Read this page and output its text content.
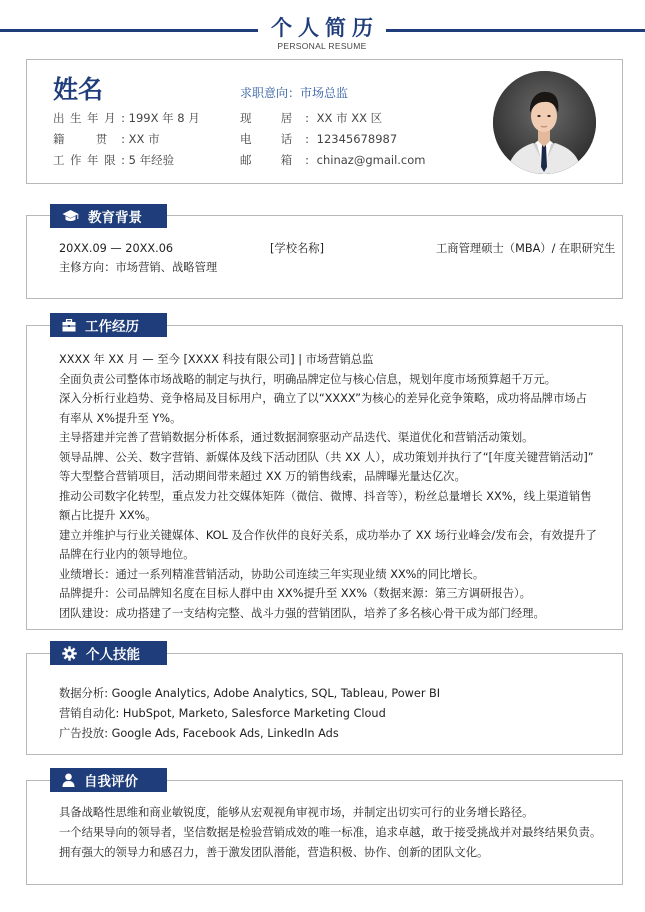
个人简历
PERSONAL RESUME
姓名	求职意向：市场总监
出生年月: 199X 年 8 月
籍 贯: XX 市
工作年限: 5 年经验
现 居: XX 市 XX 区
电 话: 12345678987
邮 箱: chinaz@gmail.com
教育背景
20XX.09 — 20XX.06	[学校名称]	工商管理硕士（MBA）/ 在职研究生
主修方向：市场营销、战略管理
工作经历
XXXX 年 XX 月 — 至今 [XXXX 科技有限公司] | 市场营销总监
全面负责公司整体市场战略的制定与执行，明确品牌定位与核心信息，规划年度市场预算超千万元。
深入分析行业趋势、竞争格局及目标用户，确立了以“XXXX”为核心的差异化竞争策略，成功将品牌市场占
有率从 X%提升至 Y%。
主导搭建并完善了营销数据分析体系，通过数据洞察驱动产品迭代、渠道优化和营销活动策划。
领导品牌、公关、数字营销、新媒体及线下活动团队（共 XX 人），成功策划并执行了“[年度关键营销活动]”
等大型整合营销项目，活动期间带来超过 XX 万的销售线索，品牌曝光量达亿次。
推动公司数字化转型，重点发力社交媒体矩阵（微信、微博、抖音等），粉丝总量增长 XX%，线上渠道销售
额占比提升 XX%。
建立并维护与行业关键媒体、KOL 及合作伙伴的良好关系，成功举办了 XX 场行业峰会/发布会，有效提升了
品牌在行业内的领导地位。
业绩增长：通过一系列精准营销活动，协助公司连续三年实现业绩 XX%的同比增长。
品牌提升：公司品牌知名度在目标人群中由 XX%提升至 XX%（数据来源：第三方调研报告）。
团队建设：成功搭建了一支结构完整、战斗力强的营销团队，培养了多名核心骨干成为部门经理。
个人技能
数据分析: Google Analytics, Adobe Analytics, SQL, Tableau, Power BI
营销自动化: HubSpot, Marketo, Salesforce Marketing Cloud
广告投放: Google Ads, Facebook Ads, LinkedIn Ads
自我评价
具备战略性思维和商业敏锐度，能够从宏观视角审视市场，并制定出切实可行的业务增长路径。
一个结果导向的领导者，坚信数据是检验营销成效的唯一标准，追求卓越，敢于接受挑战并对最终结果负责。
拥有强大的领导力和感召力，善于激发团队潜能，营造积极、协作、创新的团队文化。
